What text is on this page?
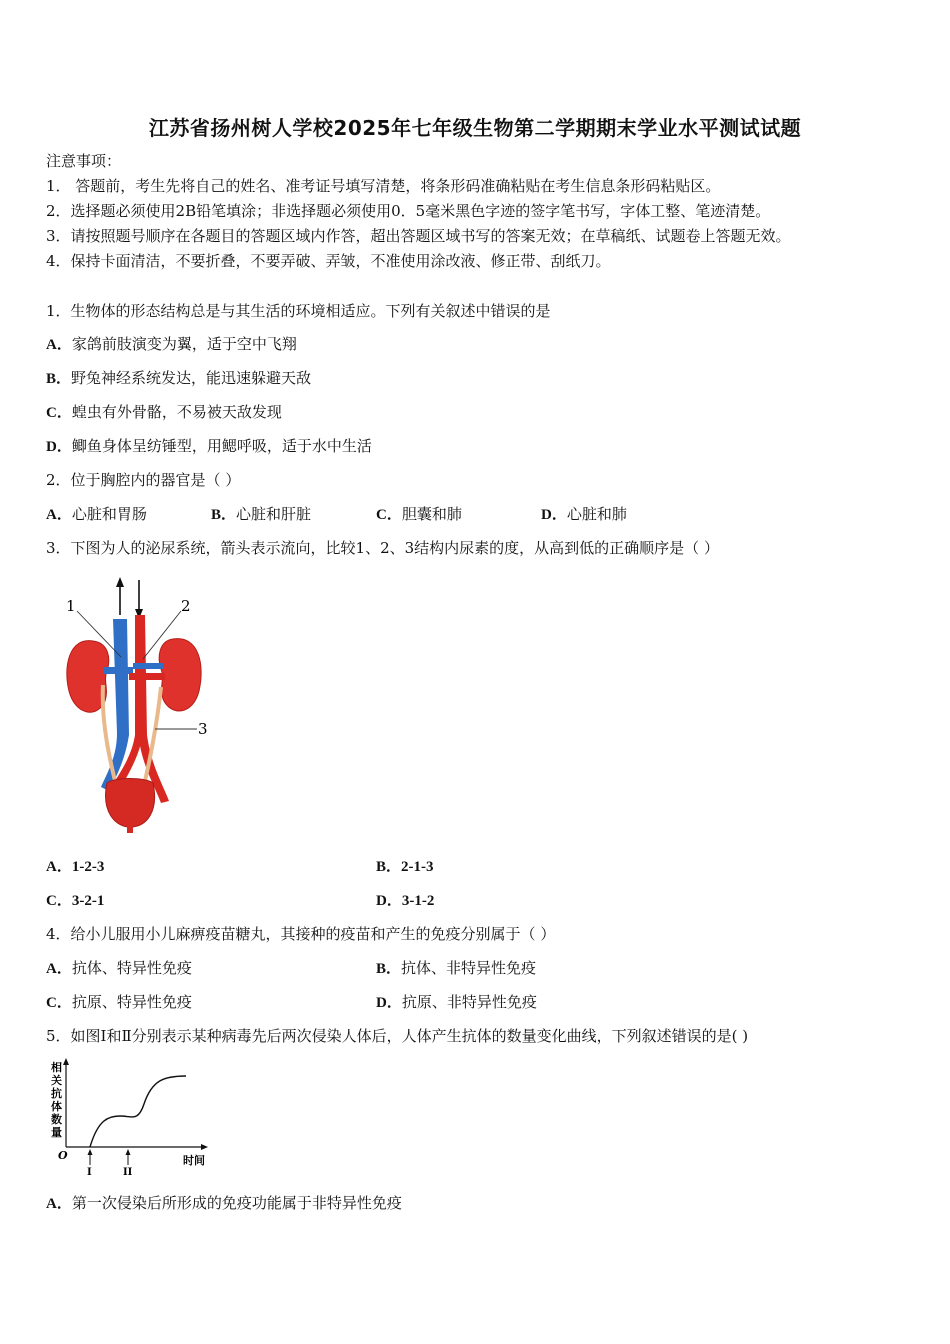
江苏省扬州树人学校2025年七年级生物第二学期期末学业水平测试试题
注意事项：
1． 答题前，考生先将自己的姓名、准考证号填写清楚，将条形码准确粘贴在考生信息条形码粘贴区。
2．选择题必须使用2B铅笔填涂；非选择题必须使用0．5毫米黑色字迹的签字笔书写，字体工整、笔迹清楚。
3．请按照题号顺序在各题目的答题区域内作答，超出答题区域书写的答案无效；在草稿纸、试题卷上答题无效。
4．保持卡面清洁，不要折叠，不要弄破、弄皱，不准使用涂改液、修正带、刮纸刀。
1．生物体的形态结构总是与其生活的环境相适应。下列有关叙述中错误的是
A．家鸽前肢演变为翼，适于空中飞翔
B．野兔神经系统发达，能迅速躲避天敌
C．蝗虫有外骨骼，不易被天敌发现
D．鲫鱼身体呈纺锤型，用鳃呼吸，适于水中生活
2．位于胸腔内的器官是（ ）
A．心脏和胃肠	B．心脏和肝脏	C．胆囊和肺	D．心脏和肺
3．下图为人的泌尿系统，箭头表示流向，比较1、2、3结构内尿素的度，从高到低的正确顺序是（ ）
1	2
3
A．1-2-3	B．2-1-3
C．3-2-1	D．3-1-2
4．给小儿服用小儿麻痹疫苗糖丸，其接种的疫苗和产生的免疫分别属于（ ）
A．抗体、特异性免疫	B．抗体、非特异性免疫
C．抗原、特异性免疫	D．抗原、非特异性免疫
5．如图Ⅰ和Ⅱ分别表示某种病毒先后两次侵染人体后，人体产生抗体的数量变化曲线，下列叙述错误的是( )
相
关
抗
体
数
量
O
I	II
时间
A．第一次侵染后所形成的免疫功能属于非特异性免疫
